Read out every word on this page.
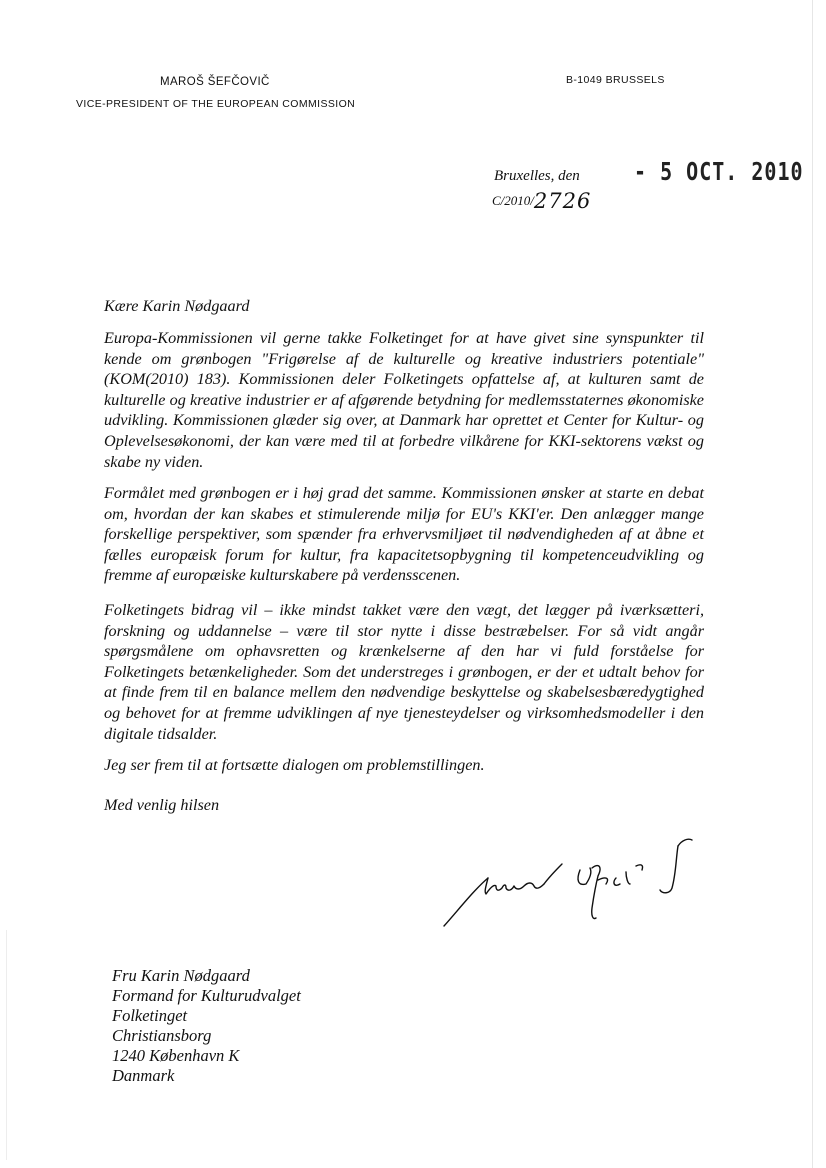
MAROŠ ŠEFČOVIČ
VICE-PRESIDENT OF THE EUROPEAN COMMISSION
B-1049 BRUSSELS
Bruxelles, den	- 5 OCT. 2010
C/2010/2726
Kære Karin Nødgaard
Europa-Kommissionen vil gerne takke Folketinget for at have givet sine synspunkter til kende om grønbogen "Frigørelse af de kulturelle og kreative industriers potentiale" (KOM(2010) 183). Kommissionen deler Folketingets opfattelse af, at kulturen samt de kulturelle og kreative industrier er af afgørende betydning for medlemsstaternes økonomiske udvikling. Kommissionen glæder sig over, at Danmark har oprettet et Center for Kultur- og Oplevelsesøkonomi, der kan være med til at forbedre vilkårene for KKI-sektorens vækst og skabe ny viden.
Formålet med grønbogen er i høj grad det samme. Kommissionen ønsker at starte en debat om, hvordan der kan skabes et stimulerende miljø for EU's KKI'er. Den anlægger mange forskellige perspektiver, som spænder fra erhvervsmiljøet til nødvendigheden af at åbne et fælles europæisk forum for kultur, fra kapacitetsopbygning til kompetenceudvikling og fremme af europæiske kulturskabere på verdensscenen.
Folketingets bidrag vil – ikke mindst takket være den vægt, det lægger på iværksætteri, forskning og uddannelse – være til stor nytte i disse bestræbelser. For så vidt angår spørgsmålene om ophavsretten og krænkelserne af den har vi fuld forståelse for Folketingets betænkeligheder. Som det understreges i grønbogen, er der et udtalt behov for at finde frem til en balance mellem den nødvendige beskyttelse og skabelsesbæredygtighed og behovet for at fremme udviklingen af nye tjenesteydelser og virksomhedsmodeller i den digitale tidsalder.
Jeg ser frem til at fortsætte dialogen om problemstillingen.
Med venlig hilsen
Fru Karin Nødgaard
Formand for Kulturudvalget
Folketinget
Christiansborg
1240 København K
Danmark
